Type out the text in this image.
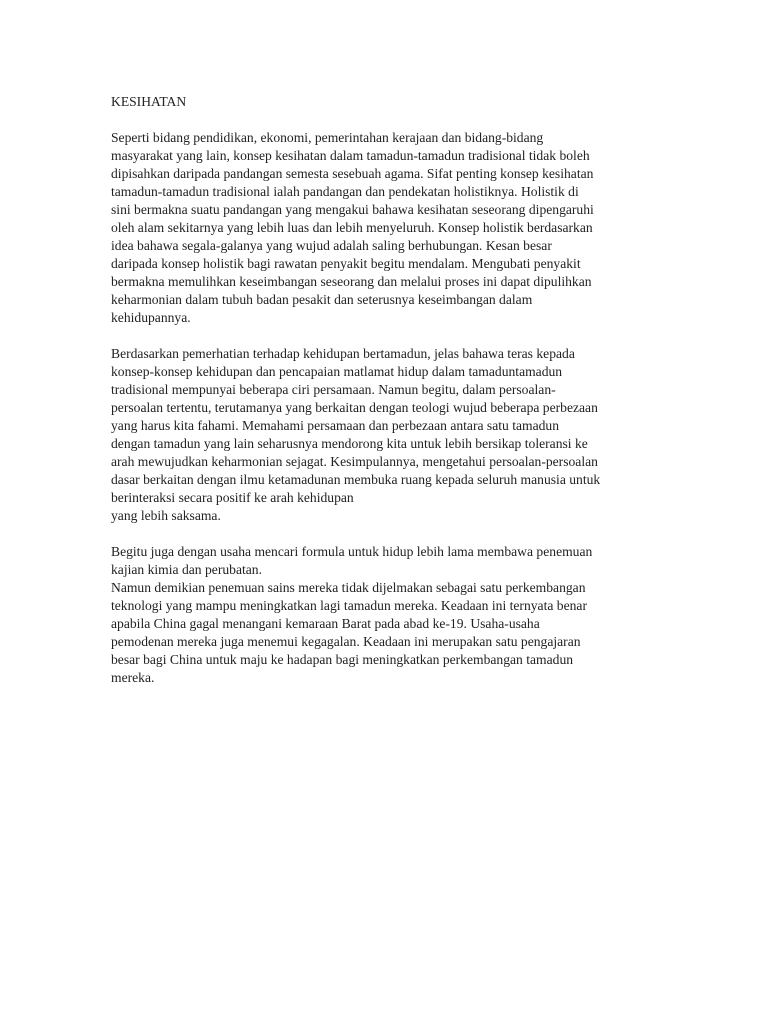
KESIHATAN
Seperti bidang pendidikan, ekonomi, pemerintahan kerajaan dan bidang-bidang
masyarakat yang lain, konsep kesihatan dalam tamadun-tamadun tradisional tidak boleh
dipisahkan daripada pandangan semesta sesebuah agama. Sifat penting konsep kesihatan
tamadun-tamadun tradisional ialah pandangan dan pendekatan holistiknya. Holistik di
sini bermakna suatu pandangan yang mengakui bahawa kesihatan seseorang dipengaruhi
oleh alam sekitarnya yang lebih luas dan lebih menyeluruh. Konsep holistik berdasarkan
idea bahawa segala-galanya yang wujud adalah saling berhubungan. Kesan besar
daripada konsep holistik bagi rawatan penyakit begitu mendalam. Mengubati penyakit
bermakna memulihkan keseimbangan seseorang dan melalui proses ini dapat dipulihkan
keharmonian dalam tubuh badan pesakit dan seterusnya keseimbangan dalam
kehidupannya.
Berdasarkan pemerhatian terhadap kehidupan bertamadun, jelas bahawa teras kepada
konsep-konsep kehidupan dan pencapaian matlamat hidup dalam tamaduntamadun
tradisional mempunyai beberapa ciri persamaan. Namun begitu, dalam persoalan-
persoalan tertentu, terutamanya yang berkaitan dengan teologi wujud beberapa perbezaan
yang harus kita fahami. Memahami persamaan dan perbezaan antara satu tamadun
dengan tamadun yang lain seharusnya mendorong kita untuk lebih bersikap toleransi ke
arah mewujudkan keharmonian sejagat. Kesimpulannya, mengetahui persoalan-persoalan
dasar berkaitan dengan ilmu ketamadunan membuka ruang kepada seluruh manusia untuk
berinteraksi secara positif ke arah kehidupan
yang lebih saksama.
Begitu juga dengan usaha mencari formula untuk hidup lebih lama membawa penemuan
kajian kimia dan perubatan.
Namun demikian penemuan sains mereka tidak dijelmakan sebagai satu perkembangan
teknologi yang mampu meningkatkan lagi tamadun mereka. Keadaan ini ternyata benar
apabila China gagal menangani kemaraan Barat pada abad ke-19. Usaha-usaha
pemodenan mereka juga menemui kegagalan. Keadaan ini merupakan satu pengajaran
besar bagi China untuk maju ke hadapan bagi meningkatkan perkembangan tamadun
mereka.
